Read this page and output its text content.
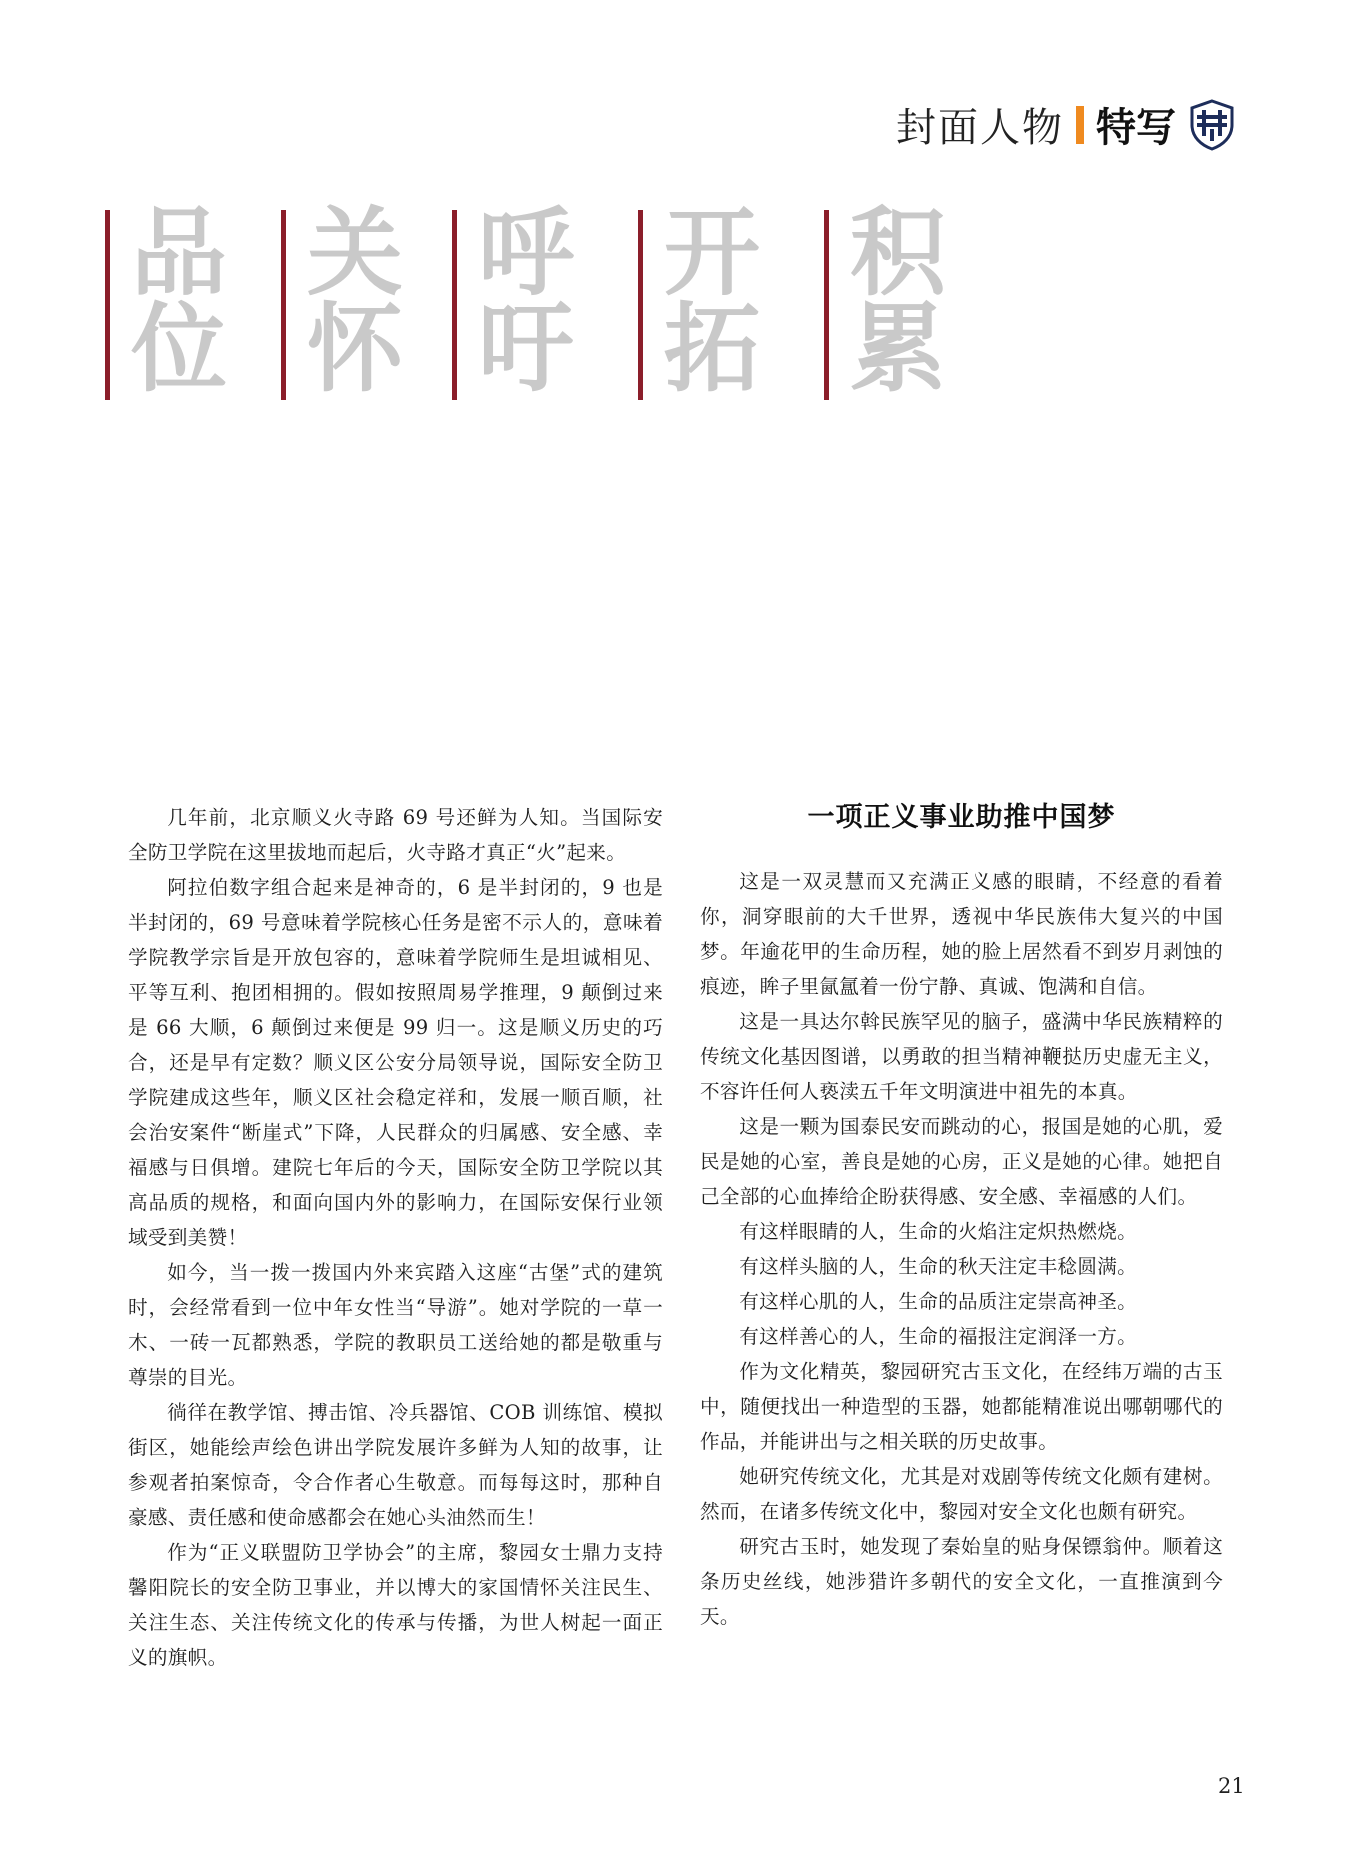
封面人物 特写
品
位
关
怀
呼
吁
开
拓
积
累

几年前，北京顺义火寺路 69 号还鲜为人知。当国际安全防卫学院在这里拔地而起后，火寺路才真正“火”起来。

阿拉伯数字组合起来是神奇的，6 是半封闭的，9 也是半封闭的，69 号意味着学院核心任务是密不示人的，意味着学院教学宗旨是开放包容的，意味着学院师生是坦诚相见、平等互利、抱团相拥的。假如按照周易学推理，9 颠倒过来是 66 大顺，6 颠倒过来便是 99 归一。这是顺义历史的巧合，还是早有定数？顺义区公安分局领导说，国际安全防卫学院建成这些年，顺义区社会稳定祥和，发展一顺百顺，社会治安案件“断崖式”下降，人民群众的归属感、安全感、幸福感与日俱增。建院七年后的今天，国际安全防卫学院以其高品质的规格，和面向国内外的影响力，在国际安保行业领域受到美赞！

如今，当一拨一拨国内外来宾踏入这座“古堡”式的建筑时，会经常看到一位中年女性当“导游”。她对学院的一草一木、一砖一瓦都熟悉，学院的教职员工送给她的都是敬重与尊崇的目光。

徜徉在教学馆、搏击馆、冷兵器馆、COB 训练馆、模拟街区，她能绘声绘色讲出学院发展许多鲜为人知的故事，让参观者拍案惊奇，令合作者心生敬意。而每每这时，那种自豪感、责任感和使命感都会在她心头油然而生！

作为“正义联盟防卫学协会”的主席，黎园女士鼎力支持馨阳院长的安全防卫事业，并以博大的家国情怀关注民生、关注生态、关注传统文化的传承与传播，为世人树起一面正义的旗帜。

一项正义事业助推中国梦

这是一双灵慧而又充满正义感的眼睛，不经意的看着你，洞穿眼前的大千世界，透视中华民族伟大复兴的中国梦。年逾花甲的生命历程，她的脸上居然看不到岁月剥蚀的痕迹，眸子里氤氲着一份宁静、真诚、饱满和自信。

这是一具达尔斡民族罕见的脑子，盛满中华民族精粹的传统文化基因图谱，以勇敢的担当精神鞭挞历史虚无主义，不容许任何人亵渎五千年文明演进中祖先的本真。

这是一颗为国泰民安而跳动的心，报国是她的心肌，爱民是她的心室，善良是她的心房，正义是她的心律。她把自己全部的心血捧给企盼获得感、安全感、幸福感的人们。

有这样眼睛的人，生命的火焰注定炽热燃烧。

有这样头脑的人，生命的秋天注定丰稔圆满。

有这样心肌的人，生命的品质注定崇高神圣。

有这样善心的人，生命的福报注定润泽一方。

作为文化精英，黎园研究古玉文化，在经纬万端的古玉中，随便找出一种造型的玉器，她都能精准说出哪朝哪代的作品，并能讲出与之相关联的历史故事。

她研究传统文化，尤其是对戏剧等传统文化颇有建树。然而，在诸多传统文化中，黎园对安全文化也颇有研究。

研究古玉时，她发现了秦始皇的贴身保镖翁仲。顺着这条历史丝线，她涉猎许多朝代的安全文化，一直推演到今天。

21
